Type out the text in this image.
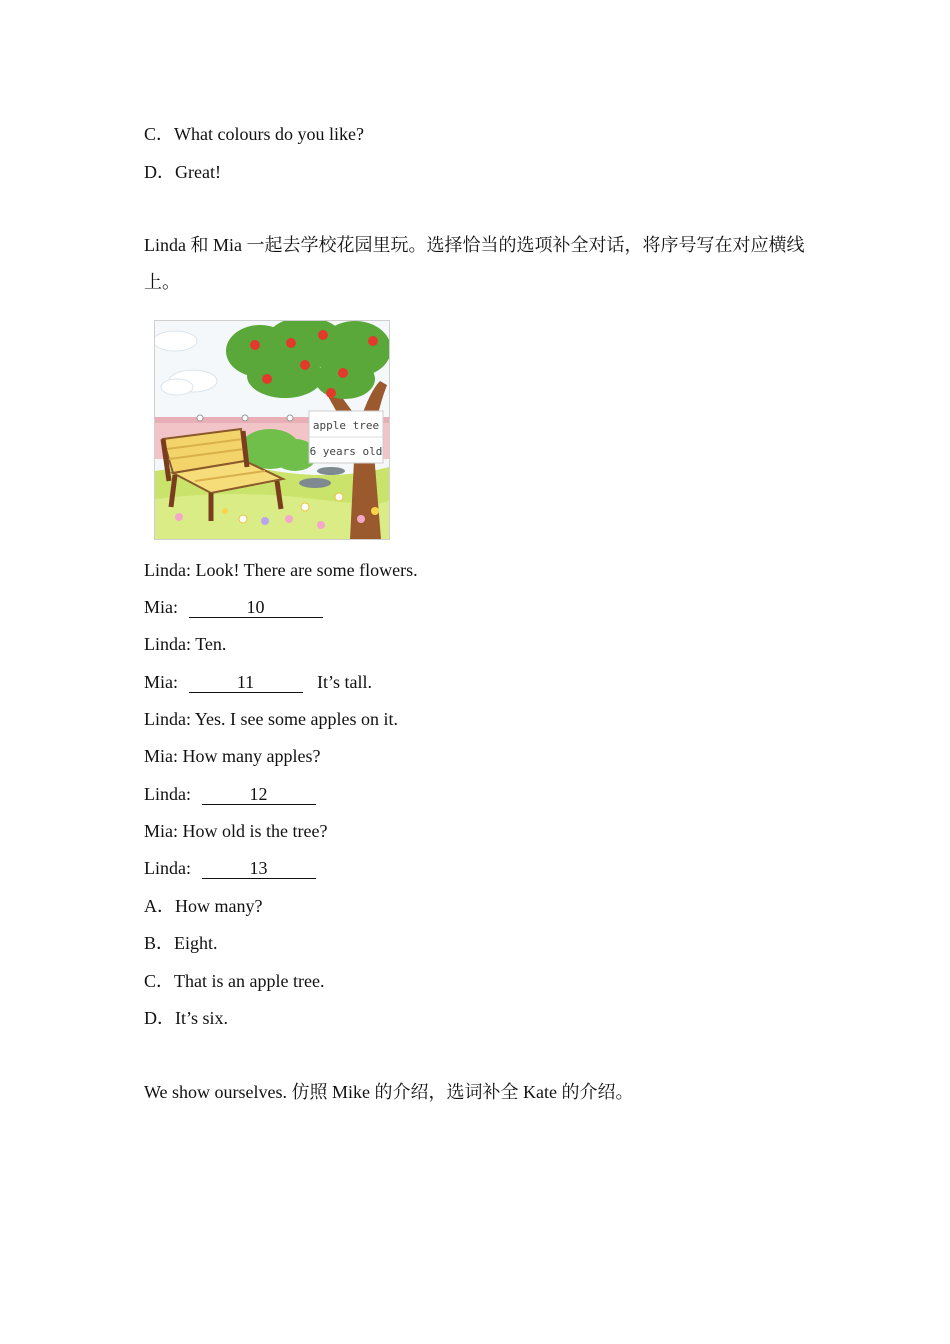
C．What colours do you like?
D．Great!
Linda 和 Mia 一起去学校花园里玩。选择恰当的选项补全对话，将序号写在对应横线上。
apple tree
6 years old
Linda: Look! There are some flowers.
Mia:	10
Linda: Ten.
Mia:	11	It’s tall.
Linda: Yes. I see some apples on it.
Mia: How many apples?
Linda:	12
Mia: How old is the tree?
Linda:	13
A．How many?
B．Eight.
C．That is an apple tree.
D．It’s six.
We show ourselves. 仿照 Mike 的介绍，选词补全 Kate 的介绍。
